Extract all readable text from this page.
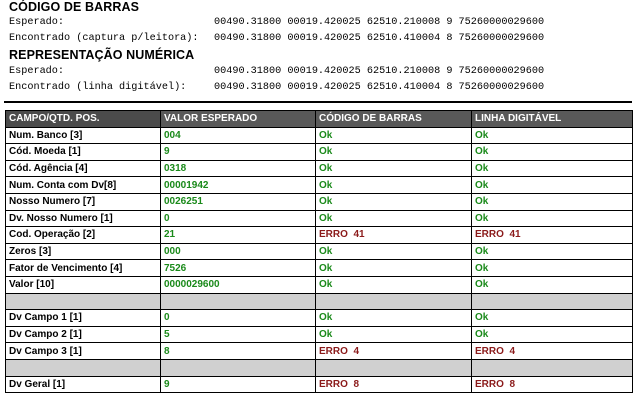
CÓDIGO DE BARRAS
Esperado:	00490.31800 00019.420025 62510.210008 9 75260000029600
Encontrado (captura p/leitora): 00490.31800 00019.420025 62510.410004 8 75260000029600
REPRESENTAÇÃO NUMÉRICA
Esperado:	00490.31800 00019.420025 62510.210008 9 75260000029600
Encontrado (linha digitável):	00490.31800 00019.420025 62510.410004 8 75260000029600
CAMPO/QTD. POS.	VALOR ESPERADO	CÓDIGO DE BARRAS	LINHA DIGITÁVEL
Num. Banco [3]	004	Ok	Ok
Cód. Moeda [1]	9	Ok	Ok
Cód. Agência [4]	0318	Ok	Ok
Num. Conta com Dv[8]	00001942	Ok	Ok
Nosso Numero [7]	0026251	Ok	Ok
Dv. Nosso Numero [1]	0	Ok	Ok
Cod. Operação [2]	21	ERRO  41	ERRO  41
Zeros [3]	000	Ok	Ok
Fator de Vencimento [4]	7526	Ok	Ok
Valor [10]	0000029600	Ok	Ok

Dv Campo 1 [1]	0	Ok	Ok
Dv Campo 2 [1]	5	Ok	Ok
Dv Campo 3 [1]	8	ERRO  4	ERRO  4

Dv Geral [1]	9	ERRO  8	ERRO  8
